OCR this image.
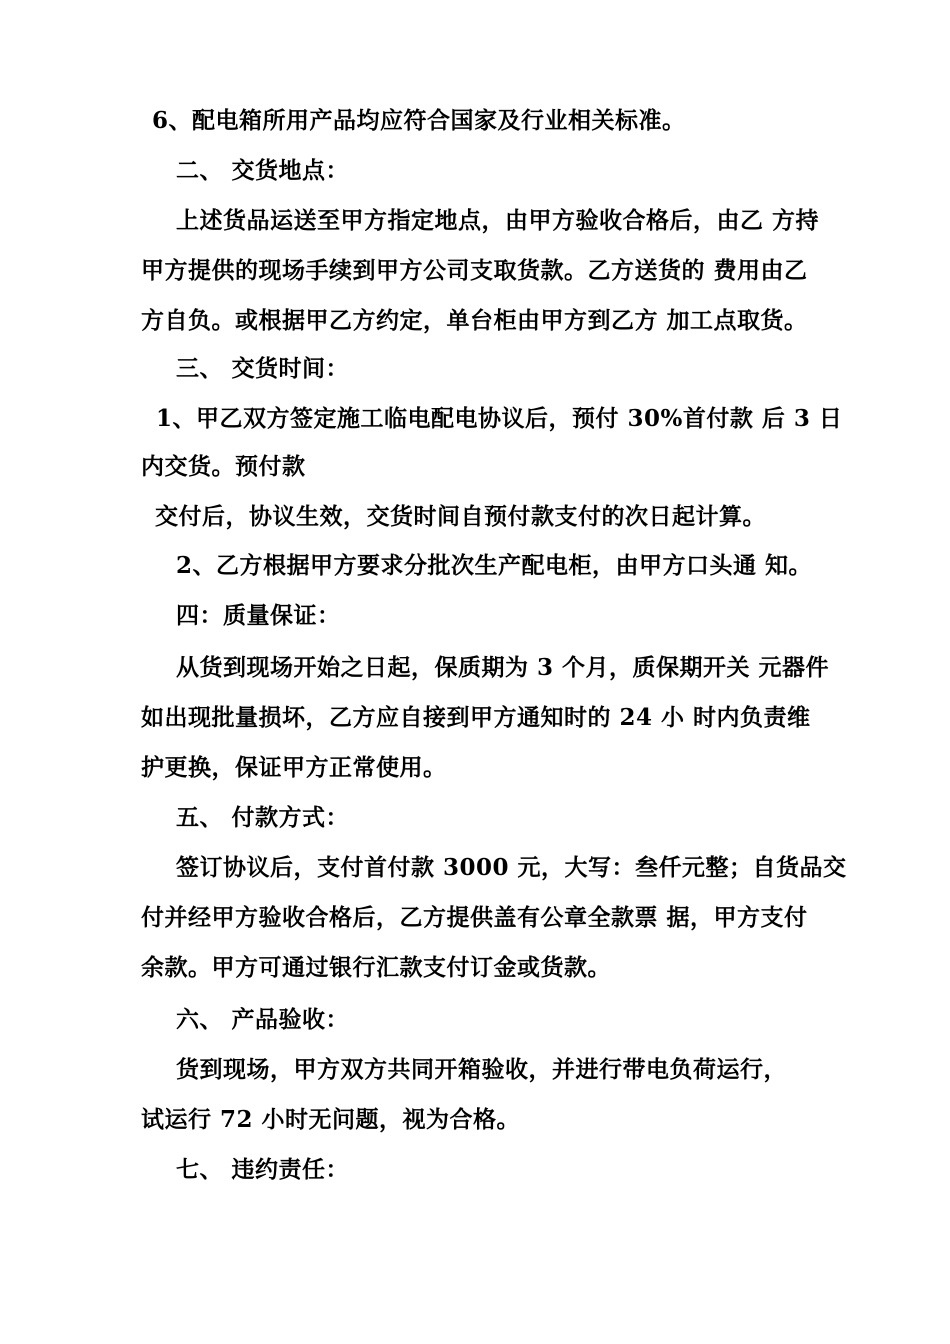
6、配电箱所用产品均应符合国家及行业相关标准。
二、 交货地点：
上述货品运送至甲方指定地点，由甲方验收合格后，由乙 方持
甲方提供的现场手续到甲方公司支取货款。乙方送货的 费用由乙
方自负。或根据甲乙方约定，单台柜由甲方到乙方 加工点取货。
三、 交货时间：
1、甲乙双方签定施工临电配电协议后，预付 30%首付款 后 3 日
内交货。预付款
交付后，协议生效，交货时间自预付款支付的次日起计算。
2、乙方根据甲方要求分批次生产配电柜，由甲方口头通 知。
四：质量保证：
从货到现场开始之日起，保质期为 3 个月，质保期开关 元器件
如出现批量损坏，乙方应自接到甲方通知时的 24 小 时内负责维
护更换，保证甲方正常使用。
五、 付款方式：
签订协议后，支付首付款 3000 元，大写：叁仟元整；自货品交
付并经甲方验收合格后，乙方提供盖有公章全款票 据，甲方支付
余款。甲方可通过银行汇款支付订金或货款。
六、 产品验收：
货到现场，甲方双方共同开箱验收，并进行带电负荷运行，
试运行 72 小时无问题，视为合格。
七、 违约责任：
